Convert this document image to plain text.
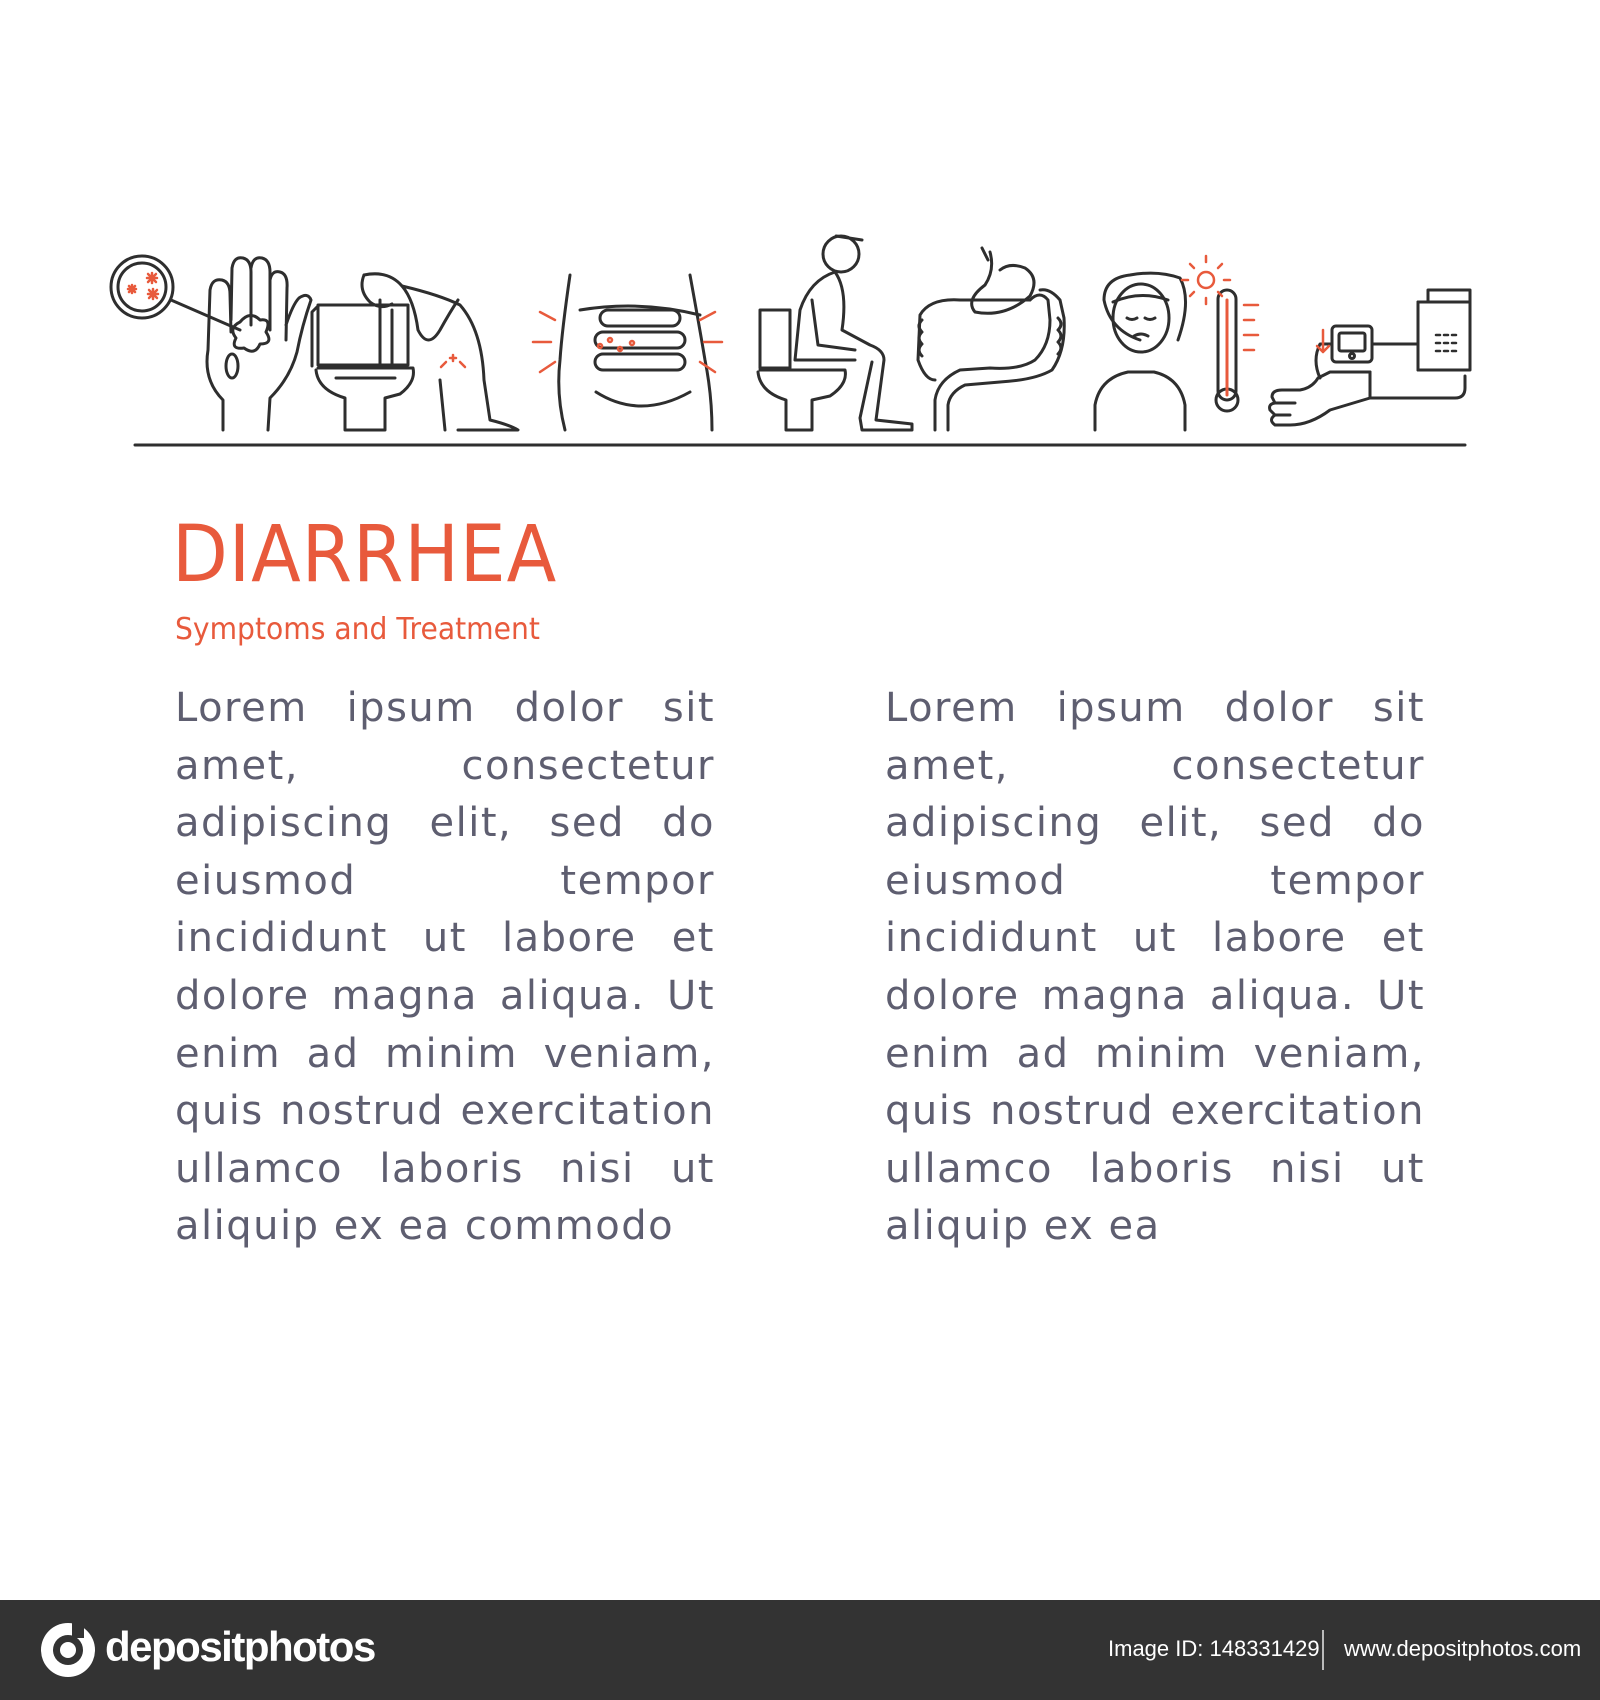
DIARRHEA
Symptoms and Treatment

Lorem ipsum dolor sit amet, consectetur adipiscing elit, sed do eiusmod tempor incididunt ut labore et dolore magna aliqua. Ut enim ad minim veniam, quis nostrud exercitation ullamco laboris nisi ut aliquip ex ea commodo

Lorem ipsum dolor sit amet, consectetur adipiscing elit, sed do eiusmod tempor incididunt ut labore et dolore magna aliqua. Ut enim ad minim veniam, quis nostrud exercitation ullamco laboris nisi ut aliquip ex ea

depositphotos	Image ID: 148331429 www.depositphotos.com
